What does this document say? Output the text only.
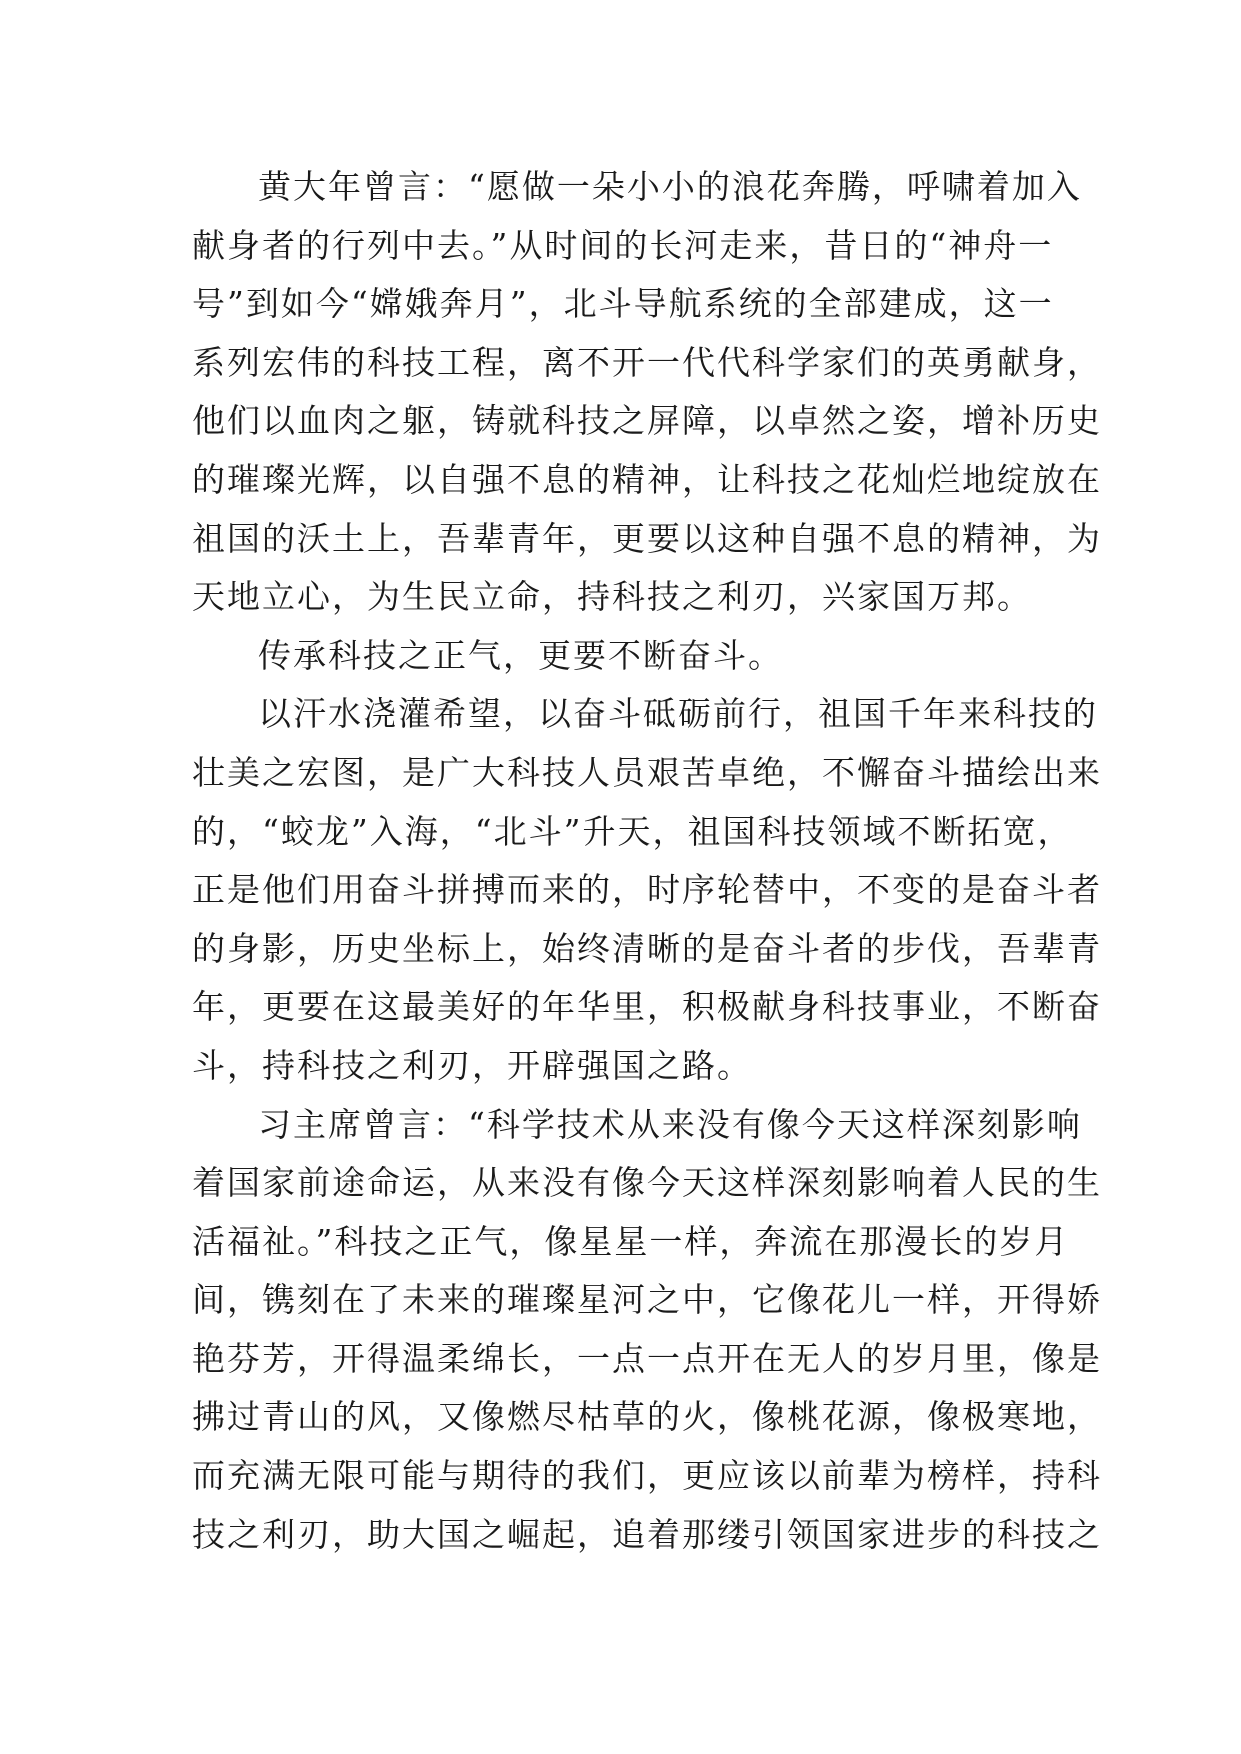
黄大年曾言：“愿做一朵小小的浪花奔腾，呼啸着加入
献身者的行列中去。”从时间的长河走来，昔日的“神舟一
号”到如今“嫦娥奔月”，北斗导航系统的全部建成，这一
系列宏伟的科技工程，离不开一代代科学家们的英勇献身，
他们以血肉之躯，铸就科技之屏障，以卓然之姿，增补历史
的璀璨光辉，以自强不息的精神，让科技之花灿烂地绽放在
祖国的沃土上，吾辈青年，更要以这种自强不息的精神，为
天地立心，为生民立命，持科技之利刃，兴家国万邦。
传承科技之正气，更要不断奋斗。
以汗水浇灌希望，以奋斗砥砺前行，祖国千年来科技的
壮美之宏图，是广大科技人员艰苦卓绝，不懈奋斗描绘出来
的，“蛟龙”入海，“北斗”升天，祖国科技领域不断拓宽，
正是他们用奋斗拼搏而来的，时序轮替中，不变的是奋斗者
的身影，历史坐标上，始终清晰的是奋斗者的步伐，吾辈青
年，更要在这最美好的年华里，积极献身科技事业，不断奋
斗，持科技之利刃，开辟强国之路。
习主席曾言：“科学技术从来没有像今天这样深刻影响
着国家前途命运，从来没有像今天这样深刻影响着人民的生
活福祉。”科技之正气，像星星一样，奔流在那漫长的岁月
间，镌刻在了未来的璀璨星河之中，它像花儿一样，开得娇
艳芬芳，开得温柔绵长，一点一点开在无人的岁月里，像是
拂过青山的风，又像燃尽枯草的火，像桃花源，像极寒地，
而充满无限可能与期待的我们，更应该以前辈为榜样，持科
技之利刃，助大国之崛起，追着那缕引领国家进步的科技之
